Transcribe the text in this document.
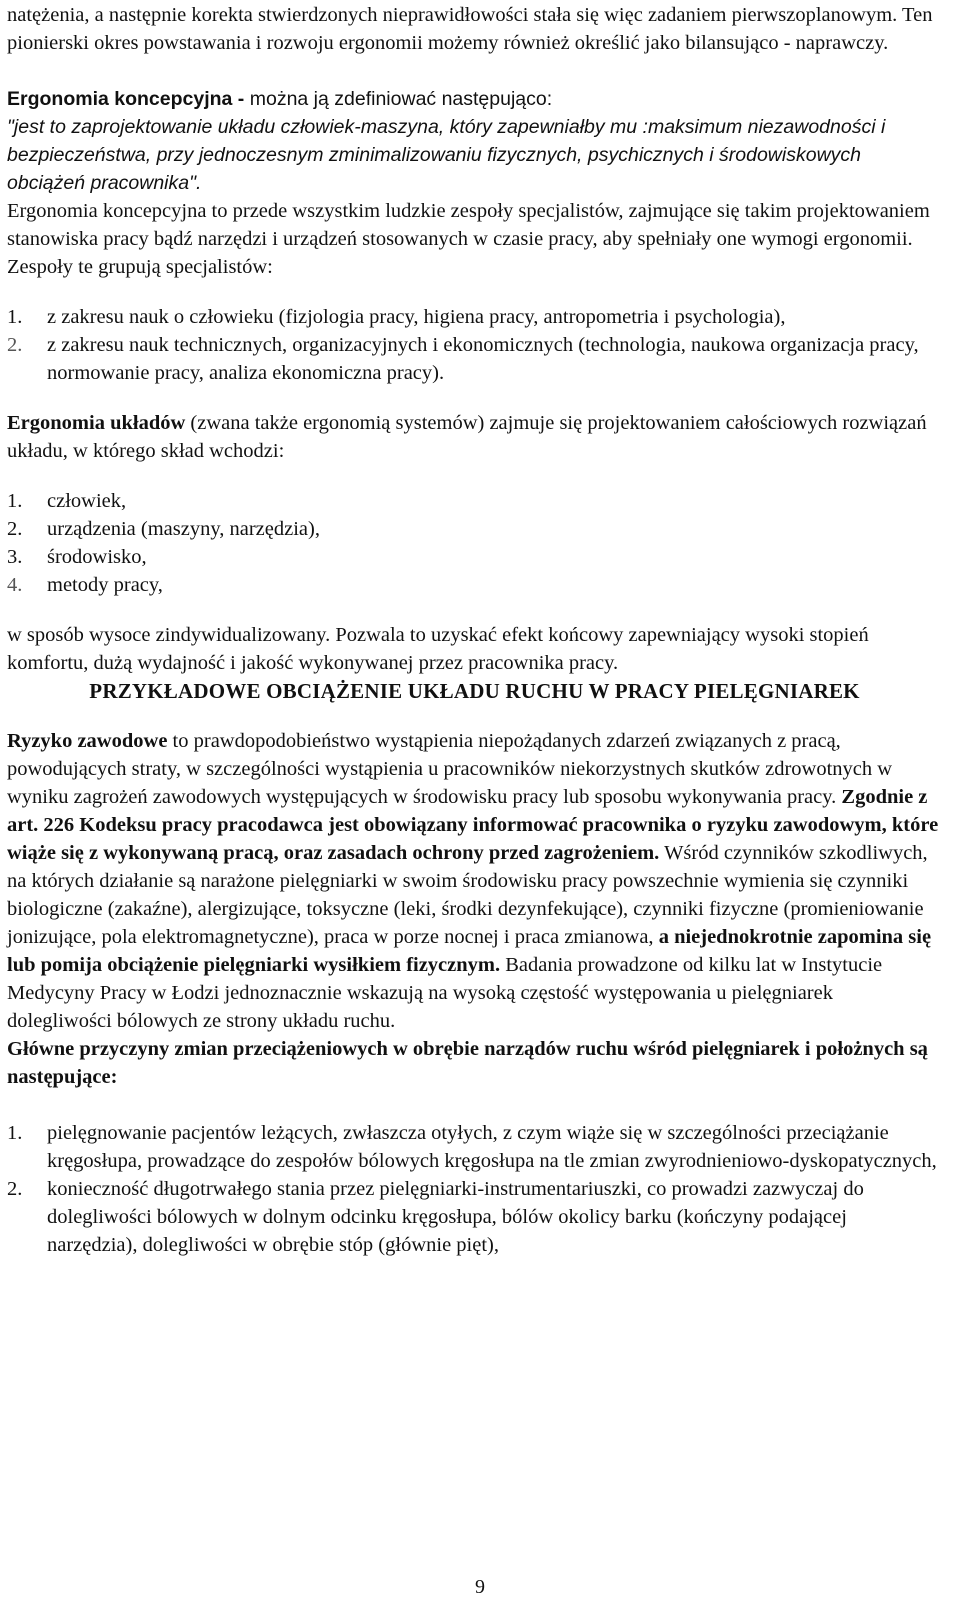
natężenia, a następnie korekta stwierdzonych nieprawidłowości stała się więc zadaniem pierwszoplanowym. Ten pionierski okres powstawania i rozwoju ergonomii możemy również określić jako bilansująco - naprawczy.

Ergonomia koncepcyjna - można ją zdefiniować następująco:

"jest to zaprojektowanie układu człowiek-maszyna, który zapewniałby mu :maksimum niezawodności i bezpieczeństwa, przy jednoczesnym zminimalizowaniu fizycznych, psychicznych i środowiskowych obciążeń pracownika".

Ergonomia koncepcyjna to przede wszystkim ludzkie zespoły specjalistów, zajmujące się takim projektowaniem stanowiska pracy bądź narzędzi i urządzeń stosowanych w czasie pracy, aby spełniały one wymogi ergonomii.

Zespoły te grupują specjalistów:

1.	z zakresu nauk o człowieku (fizjologia pracy, higiena pracy, antropometria i psychologia),
2.	z zakresu nauk technicznych, organizacyjnych i ekonomicznych (technologia, naukowa organizacja pracy, normowanie pracy, analiza ekonomiczna pracy).

Ergonomia układów (zwana także ergonomią systemów) zajmuje się projektowaniem całościowych rozwiązań układu, w którego skład wchodzi:

1.	człowiek,
2.	urządzenia (maszyny, narzędzia),
3.	środowisko,
4.	metody pracy,

w sposób wysoce zindywidualizowany. Pozwala to uzyskać efekt końcowy zapewniający wysoki stopień komfortu, dużą wydajność i jakość wykonywanej przez pracownika pracy.

PRZYKŁADOWE OBCIĄŻENIE UKŁADU RUCHU W PRACY PIELĘGNIAREK

Ryzyko zawodowe to prawdopodobieństwo wystąpienia niepożądanych zdarzeń związanych z pracą, powodujących straty, w szczególności wystąpienia u pracowników niekorzystnych skutków zdrowotnych w wyniku zagrożeń zawodowych występujących w środowisku pracy lub sposobu wykonywania pracy. Zgodnie z art. 226 Kodeksu pracy pracodawca jest obowiązany informować pracownika o ryzyku zawodowym, które wiąże się z wykonywaną pracą, oraz zasadach ochrony przed zagrożeniem. Wśród czynników szkodliwych, na których działanie są narażone pielęgniarki w swoim środowisku pracy powszechnie wymienia się czynniki biologiczne (zakaźne), alergizujące, toksyczne (leki, środki dezynfekujące), czynniki fizyczne (promieniowanie jonizujące, pola elektromagnetyczne), praca w porze nocnej i praca zmianowa, a niejednokrotnie zapomina się lub pomija obciążenie pielęgniarki wysiłkiem fizycznym. Badania prowadzone od kilku lat w Instytucie Medycyny Pracy w Łodzi jednoznacznie wskazują na wysoką częstość występowania u pielęgniarek dolegliwości bólowych ze strony układu ruchu.

Główne przyczyny zmian przeciążeniowych w obrębie narządów ruchu wśród pielęgniarek i położnych są następujące:

1.	pielęgnowanie pacjentów leżących, zwłaszcza otyłych, z czym wiąże się w szczególności przeciążanie kręgosłupa, prowadzące do zespołów bólowych kręgosłupa na tle zmian zwyrodnieniowo-dyskopatycznych,
2.	konieczność długotrwałego stania przez pielęgniarki-instrumentariuszki, co prowadzi zazwyczaj do dolegliwości bólowych w dolnym odcinku kręgosłupa, bólów okolicy barku (kończyny podającej narzędzia), dolegliwości w obrębie stóp (głównie pięt),
9
